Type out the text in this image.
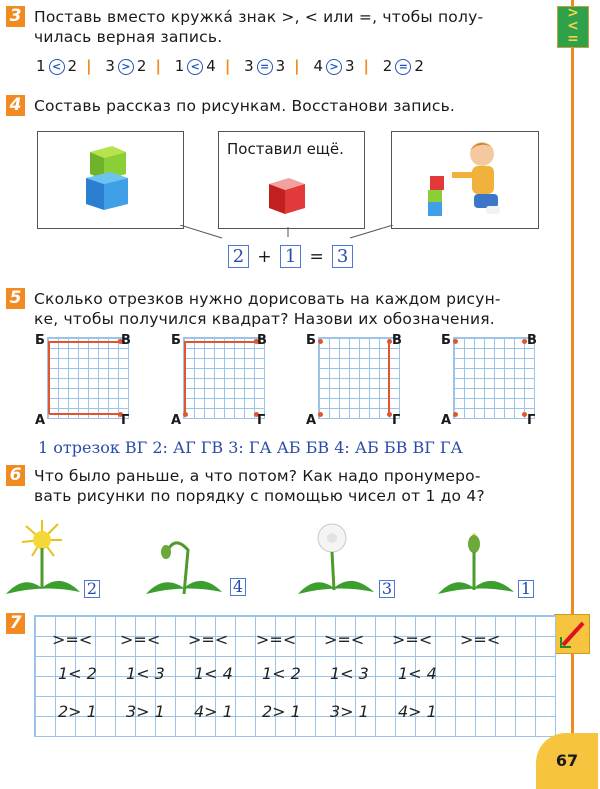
>
<
=
3 Поставь вместо кружка́ знак >, < или =, чтобы полу-
чилась верная запись.
1 < 2 | 3 > 2 | 1 < 4 | 3 = 3 | 4 > 3 | 2 = 2
4 Составь рассказ по рисункам. Восстанови запись.
Поставил ещё.
2 + 1 = 3
5 Сколько отрезков нужно дорисовать на каждом рисун-
ке, чтобы получился квадрат? Назови их обозначения.
Б	В
А	Г
Б	В
А	Г
Б	В
А	Г
Б	В
А	Г
1 отрезок ВГ 2: АГ ГВ 3: ГА АБ БВ 4: АБ БВ ВГ ГА
6 Что было раньше, а что потом? Как надо пронумеро-
вать рисунки по порядку с помощью чисел от 1 до 4?
2	4	3	1
7
>=< >=< >=< >=< >=< >=< >=<
1< 2 1< 3 1< 4 1< 2 1< 3 1< 4
2> 1 3> 1 4> 1 2> 1 3> 1 4> 1
67
